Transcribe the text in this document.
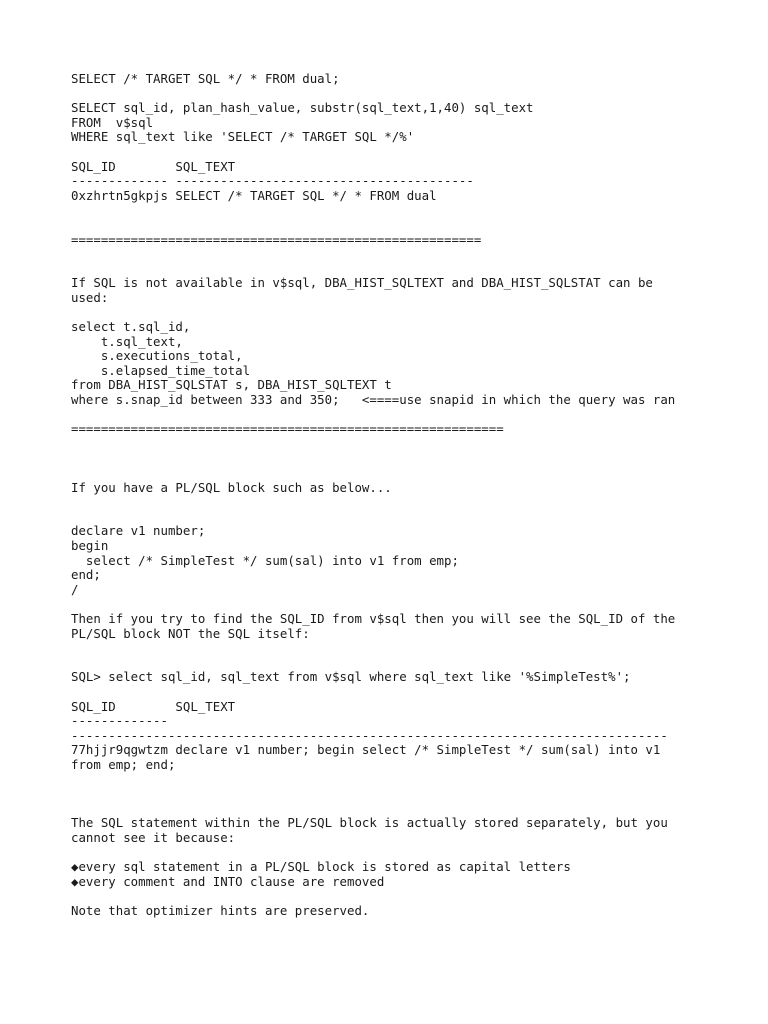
SELECT /* TARGET SQL */ * FROM dual;
SELECT sql_id, plan_hash_value, substr(sql_text,1,40) sql_text
FROM  v$sql
WHERE sql_text like 'SELECT /* TARGET SQL */%'
SQL_ID        SQL_TEXT
------------- ----------------------------------------
0xzhrtn5gkpjs SELECT /* TARGET SQL */ * FROM dual
=======================================================
If SQL is not available in v$sql, DBA_HIST_SQLTEXT and DBA_HIST_SQLSTAT can be
used:
select t.sql_id,
t.sql_text,
s.executions_total,
s.elapsed_time_total
from DBA_HIST_SQLSTAT s, DBA_HIST_SQLTEXT t
where s.snap_id between 333 and 350;   <====use snapid in which the query was ran
==========================================================
If you have a PL/SQL block such as below...
declare v1 number;
begin
select /* SimpleTest */ sum(sal) into v1 from emp;
end;
/
Then if you try to find the SQL_ID from v$sql then you will see the SQL_ID of the
PL/SQL block NOT the SQL itself:
SQL> select sql_id, sql_text from v$sql where sql_text like '%SimpleTest%';
SQL_ID        SQL_TEXT
-------------
--------------------------------------------------------------------------------
77hjjr9qgwtzm declare v1 number; begin select /* SimpleTest */ sum(sal) into v1
from emp; end;
The SQL statement within the PL/SQL block is actually stored separately, but you
cannot see it because:
◆every sql statement in a PL/SQL block is stored as capital letters
◆every comment and INTO clause are removed
Note that optimizer hints are preserved.
